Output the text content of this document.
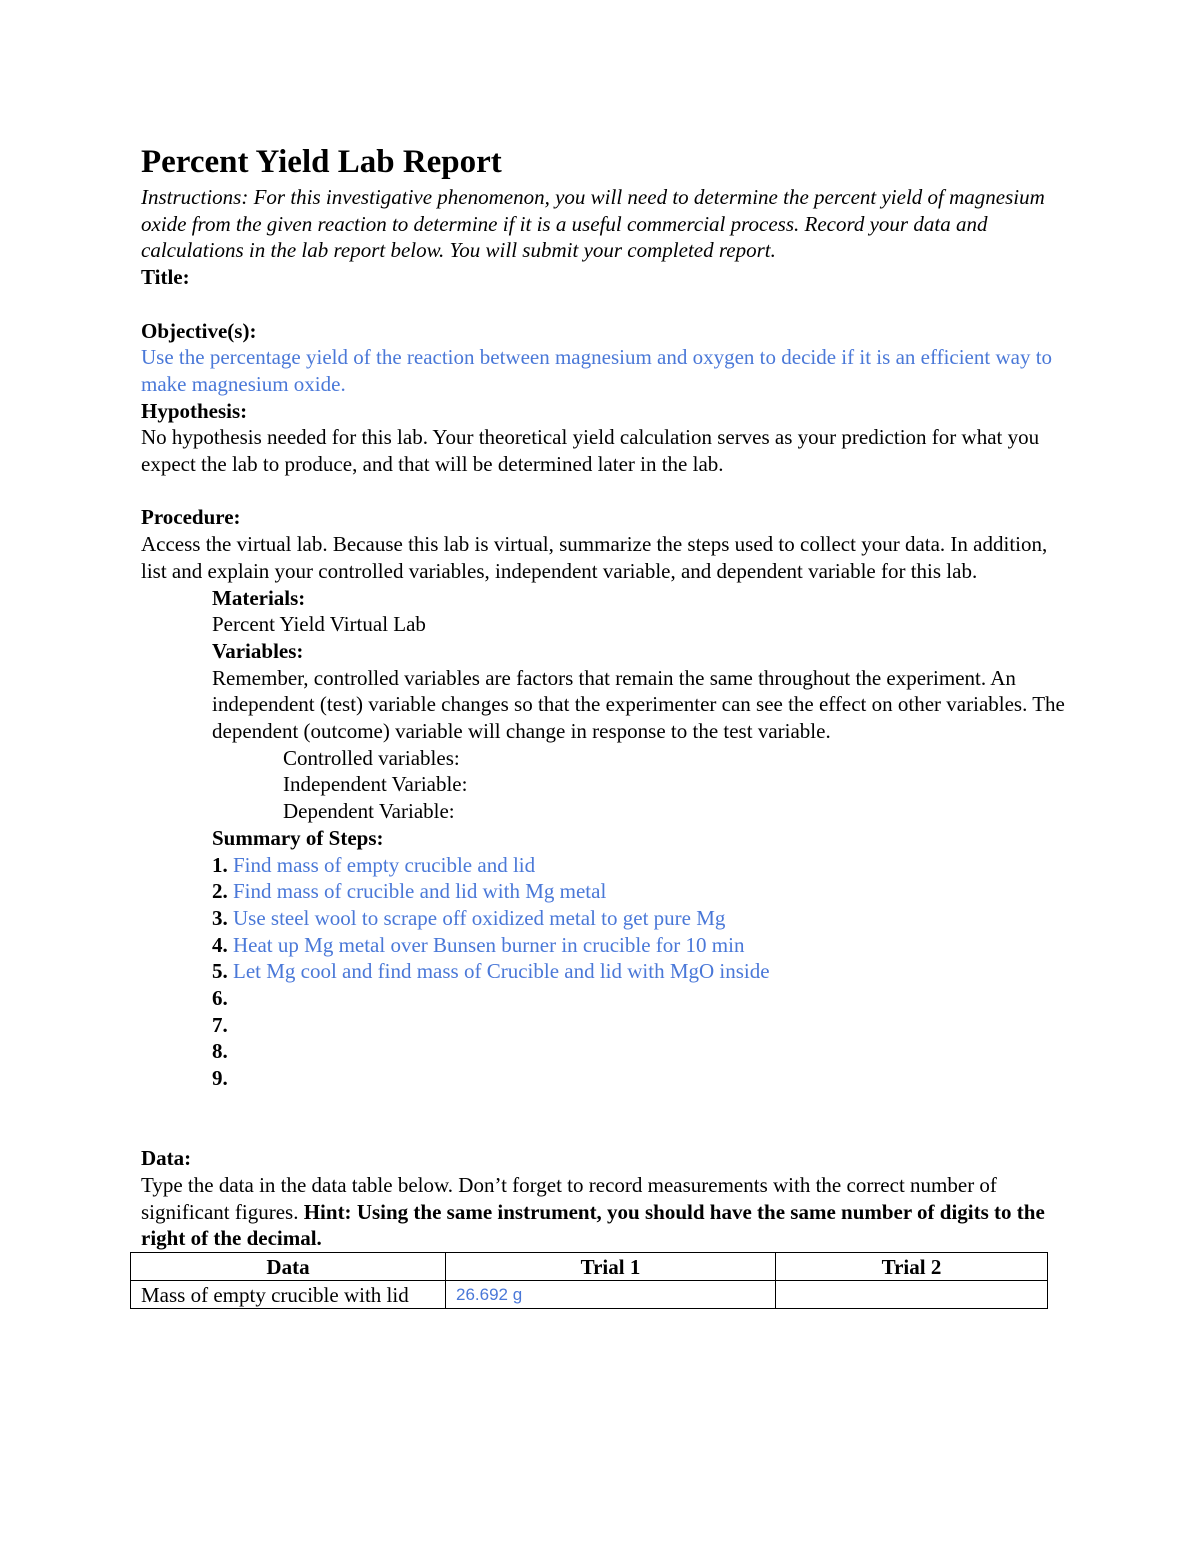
Percent Yield Lab Report
Instructions: For this investigative phenomenon, you will need to determine the percent yield of magnesium oxide from the given reaction to determine if it is a useful commercial process. Record your data and calculations in the lab report below. You will submit your completed report.
Title:
Objective(s):
Use the percentage yield of the reaction between magnesium and oxygen to decide if it is an efficient way to make magnesium oxide.
Hypothesis:
No hypothesis needed for this lab. Your theoretical yield calculation serves as your prediction for what you expect the lab to produce, and that will be determined later in the lab.
Procedure:
Access the virtual lab. Because this lab is virtual, summarize the steps used to collect your data. In addition, list and explain your controlled variables, independent variable, and dependent variable for this lab.
Materials:
Percent Yield Virtual Lab
Variables:
Remember, controlled variables are factors that remain the same throughout the experiment. An independent (test) variable changes so that the experimenter can see the effect on other variables. The dependent (outcome) variable will change in response to the test variable.
Controlled variables:
Independent Variable:
Dependent Variable:
Summary of Steps:
1. Find mass of empty crucible and lid
2. Find mass of crucible and lid with Mg metal
3. Use steel wool to scrape off oxidized metal to get pure Mg
4. Heat up Mg metal over Bunsen burner in crucible for 10 min
5. Let Mg cool and find mass of Crucible and lid with MgO inside
6.
7.
8.
9.
Data:
Type the data in the data table below. Don’t forget to record measurements with the correct number of significant figures. Hint: Using the same instrument, you should have the same number of digits to the right of the decimal.
Data	Trial 1	Trial 2
Mass of empty crucible with lid	26.692 g	
